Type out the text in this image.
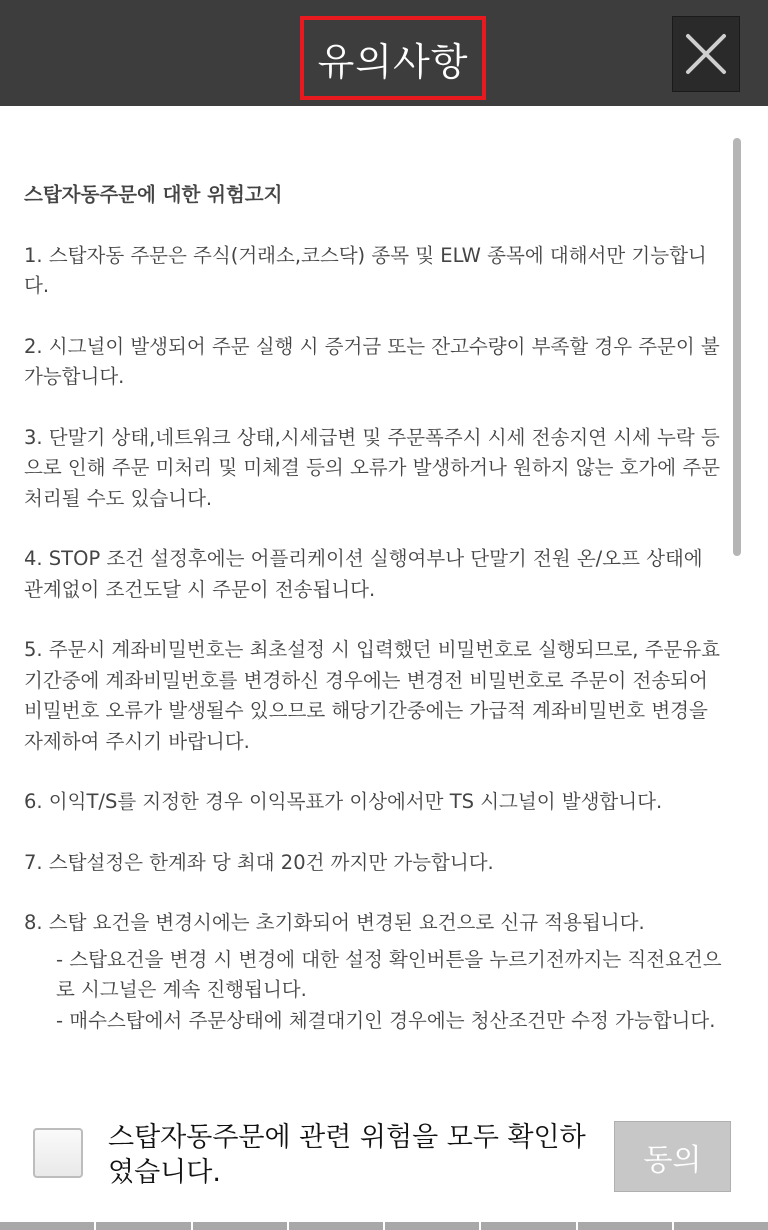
유의사항

스탑자동주문에 대한 위험고지

1. 스탑자동 주문은 주식(거래소,코스닥) 종목 및 ELW 종목에 대해서만 기능합니다.

2. 시그널이 발생되어 주문 실행 시 증거금 또는 잔고수량이 부족할 경우 주문이 불가능합니다.

3. 단말기 상태,네트워크 상태,시세급변 및 주문폭주시 시세 전송지연 시세 누락 등으로 인해 주문 미처리 및 미체결 등의 오류가 발생하거나 원하지 않는 호가에 주문 처리될 수도 있습니다.

4. STOP 조건 설정후에는 어플리케이션 실행여부나 단말기 전원 온/오프 상태에 관계없이 조건도달 시 주문이 전송됩니다.

5. 주문시 계좌비밀번호는 최초설정 시 입력했던 비밀번호로 실행되므로, 주문유효기간중에 계좌비밀번호를 변경하신 경우에는 변경전 비밀번호로 주문이 전송되어 비밀번호 오류가 발생될수 있으므로 해당기간중에는 가급적 계좌비밀번호 변경을 자제하여 주시기 바랍니다.

6. 이익T/S를 지정한 경우 이익목표가 이상에서만 TS 시그널이 발생합니다.

7. 스탑설정은 한계좌 당 최대 20건 까지만 가능합니다.

8. 스탑 요건을 변경시에는 초기화되어 변경된 요건으로 신규 적용됩니다.

- 스탑요건을 변경 시 변경에 대한 설정 확인버튼을 누르기전까지는 직전요건으로 시그널은 계속 진행됩니다.

- 매수스탑에서 주문상태에 체결대기인 경우에는 청산조건만 수정 가능합니다.

스탑자동주문에 관련 위험을 모두 확인하였습니다.	동의
